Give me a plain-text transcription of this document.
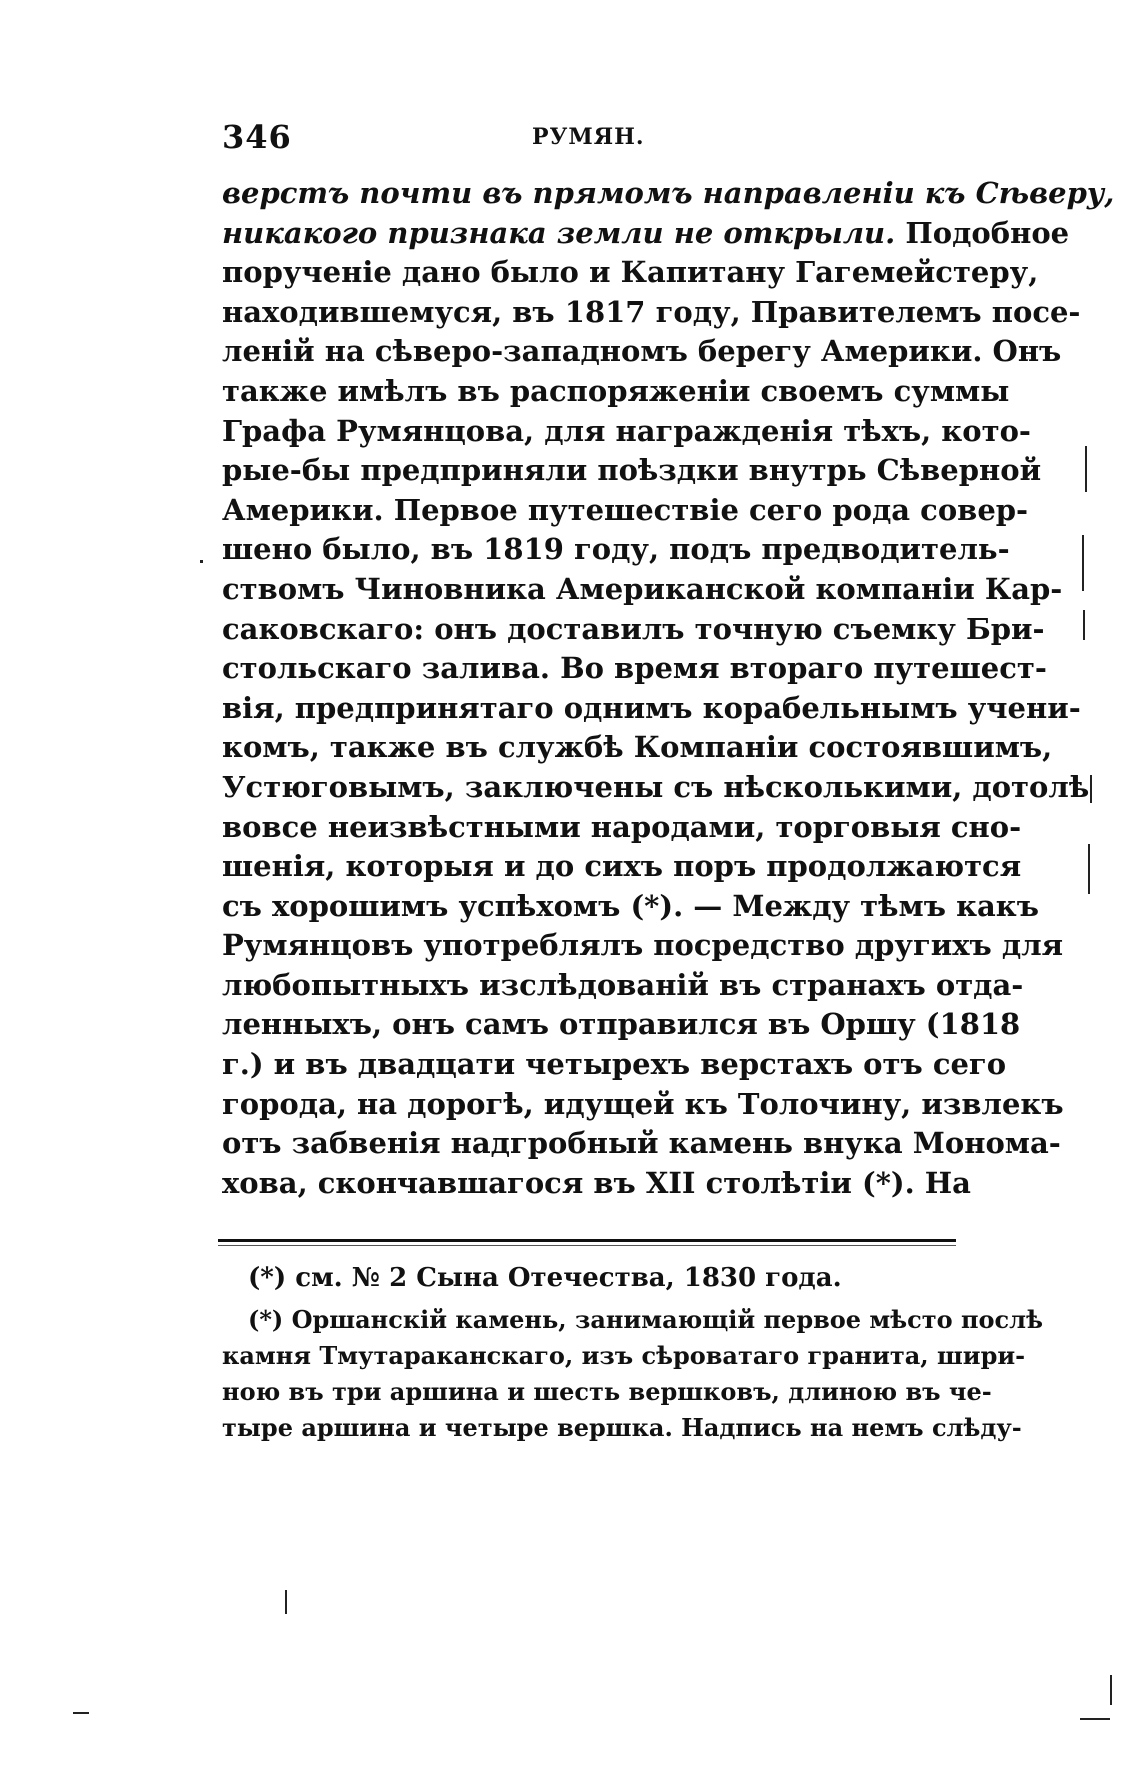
346	РУМЯН.
верстъ почти въ прямомъ направленіи къ Сѣверу,
никакого признака земли не открыли. Подобное
порученіе дано было и Капитану Гагемейстеру,
находившемуся, въ 1817 году, Правителемъ посе-
леній на сѣверо-западномъ берегу Америки. Онъ
также имѣлъ въ распоряженіи своемъ суммы
Графа Румянцова, для награжденія тѣхъ, кото-
рые-бы предприняли поѣздки внутрь Сѣверной
Америки. Первое путешествіе сего рода совер-
шено было, въ 1819 году, подъ предводитель-
ствомъ Чиновника Американской компаніи Кар-
саковскаго: онъ доставилъ точную съемку Бри-
стольскаго залива. Во время втораго путешест-
вія, предпринятаго однимъ корабельнымъ учени-
комъ, также въ службѣ Компаніи состоявшимъ,
Устюговымъ, заключены съ нѣсколькими, дотолѣ
вовсе неизвѣстными народами, торговыя сно-
шенія, которыя и до сихъ поръ продолжаются
съ хорошимъ успѣхомъ (*). — Между тѣмъ какъ
Румянцовъ употреблялъ посредство другихъ для
любопытныхъ изслѣдованій въ странахъ отда-
ленныхъ, онъ самъ отправился въ Оршу (1818
г.) и въ двадцати четырехъ верстахъ отъ сего
города, на дорогѣ, идущей къ Толочину, извлекъ
отъ забвенія надгробный камень внука Монома-
хова, скончавшагося въ XII столѣтіи (*). На
(*) см. № 2 Сына Отечества, 1830 года.
(*) Оршанскій камень, занимающій первое мѣсто послѣ
камня Тмутараканскаго, изъ сѣроватаго гранита, шири-
ною въ три аршина и шесть вершковъ, длиною въ че-
тыре аршина и четыре вершка. Надпись на немъ слѣду-
